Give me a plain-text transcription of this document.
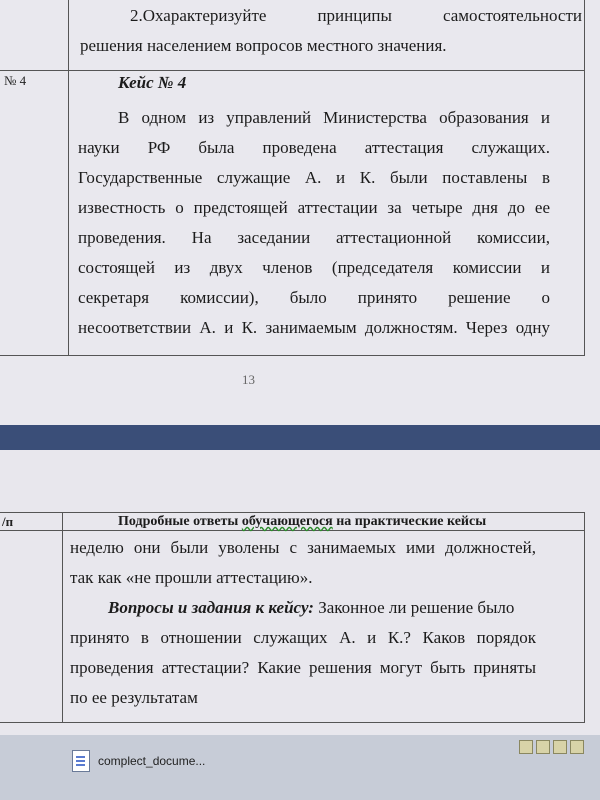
2.Охарактеризуйте принципы самостоятельности
решения населением вопросов местного значения.
№ 4	Кейс № 4
В одном из управлений Министерства образования и
науки РФ была проведена аттестация служащих.
Государственные служащие А. и К. были поставлены в
известность о предстоящей аттестации за четыре дня до ее
проведения. На заседании аттестационной комиссии,
состоящей из двух членов (председателя комиссии и
секретаря комиссии), было принято решение о
несоответствии А. и К. занимаемым должностям. Через одну
13
/п	Подробные ответы обучающегося на практические кейсы
неделю они были уволены с занимаемых ими должностей,
так как «не прошли аттестацию».
Вопросы и задания к кейсу: Законное ли решение было
принято в отношении служащих А. и К.? Каков порядок
проведения аттестации? Какие решения могут быть приняты
по ее результатам
complect_docume...
